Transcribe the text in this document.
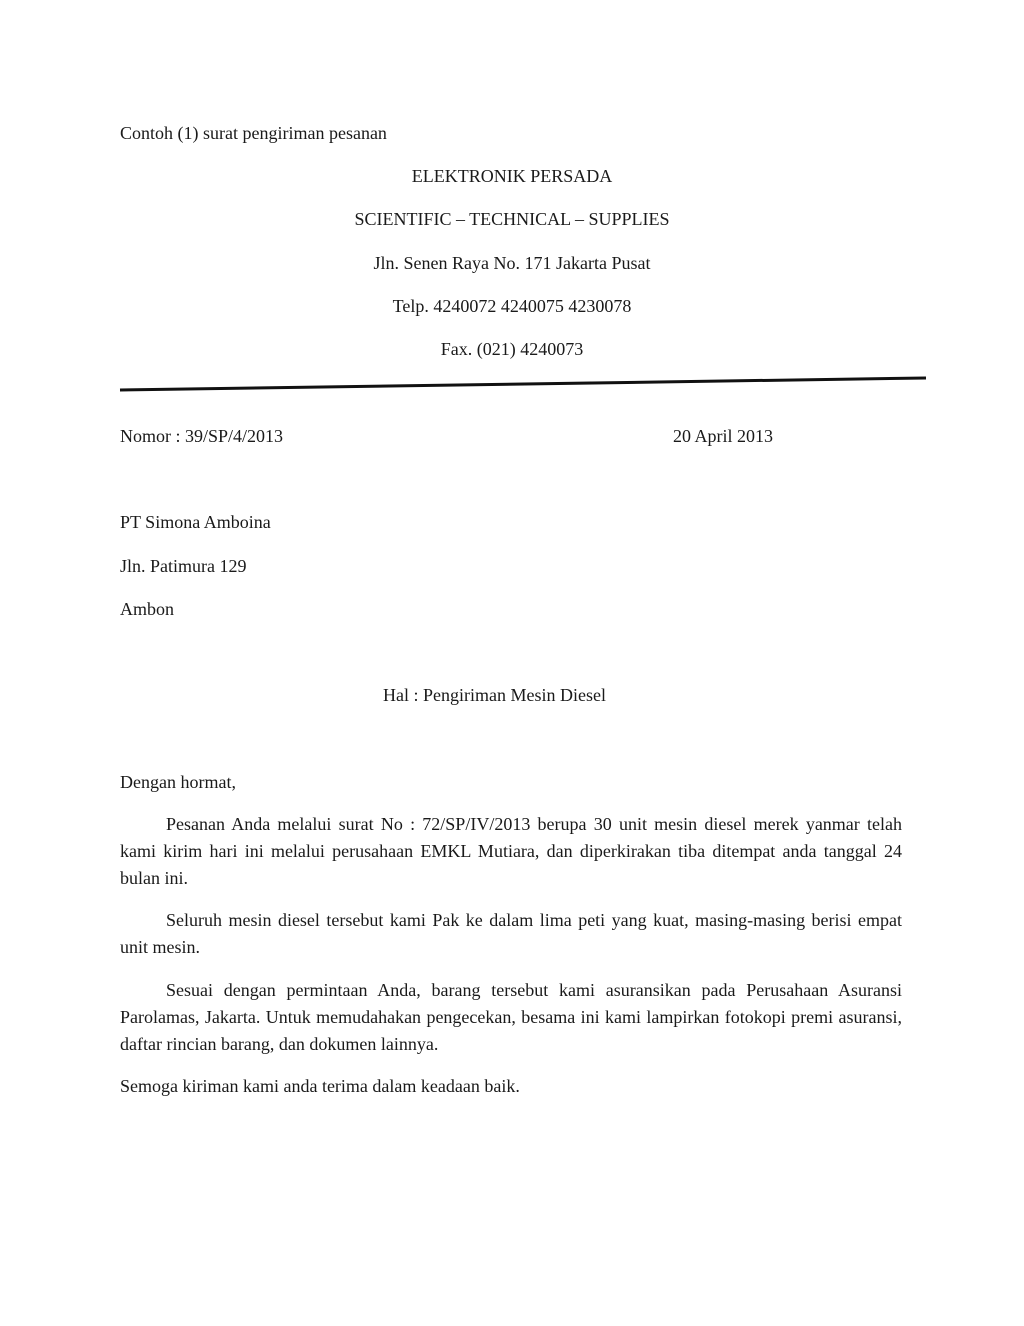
Contoh (1) surat pengiriman pesanan
ELEKTRONIK PERSADA
SCIENTIFIC – TECHNICAL – SUPPLIES
Jln. Senen Raya No. 171 Jakarta Pusat
Telp. 4240072 4240075 4230078
Fax. (021) 4240073
Nomor : 39/SP/4/2013	20 April 2013
PT Simona Amboina
Jln. Patimura 129
Ambon
Hal : Pengiriman Mesin Diesel
Dengan hormat,
Pesanan Anda melalui surat No : 72/SP/IV/2013 berupa 30 unit mesin diesel merek yanmar telah kami kirim hari ini melalui perusahaan EMKL Mutiara, dan diperkirakan tiba ditempat anda tanggal 24 bulan ini.
Seluruh mesin diesel tersebut kami Pak ke dalam lima peti yang kuat, masing-masing berisi empat unit mesin.
Sesuai dengan permintaan Anda, barang tersebut kami asuransikan pada Perusahaan Asuransi Parolamas, Jakarta. Untuk memudahakan pengecekan, besama ini kami lampirkan fotokopi premi asuransi, daftar rincian barang, dan dokumen lainnya.
Semoga kiriman kami anda terima dalam keadaan baik.
